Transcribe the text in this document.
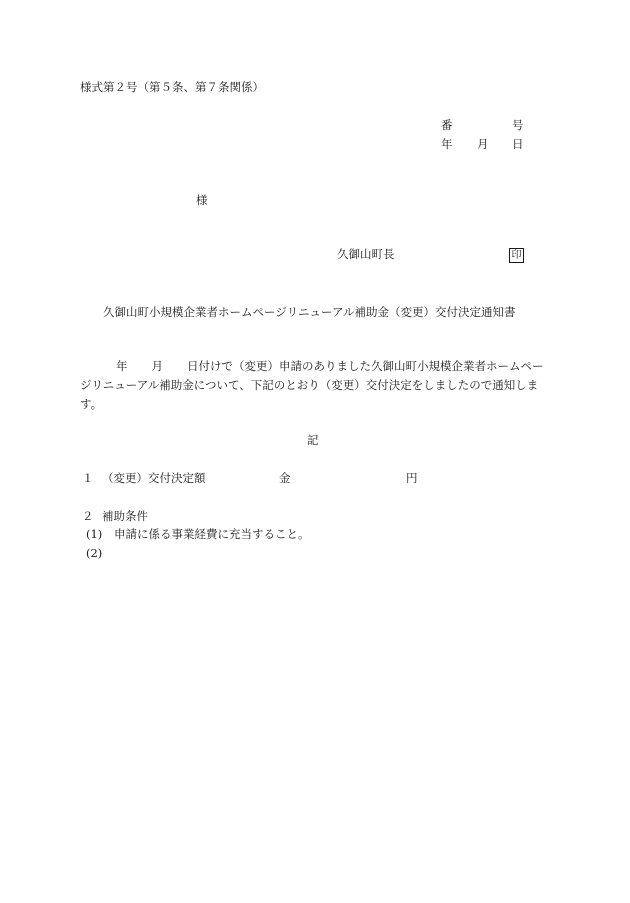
様式第２号（第５条、第７条関係）
番	号
年 月 日
様
久御山町長	印
久御山町小規模企業者ホームページリニューアル補助金（変更）交付決定通知書
年 月 日付けで（変更）申請のありました久御山町小規模企業者ホームページリニューアル補助金について、下記のとおり（変更）交付決定をしましたので通知します。
記
１ （変更）交付決定額	金	円
２ 補助条件
(1) 申請に係る事業経費に充当すること。
(2)
